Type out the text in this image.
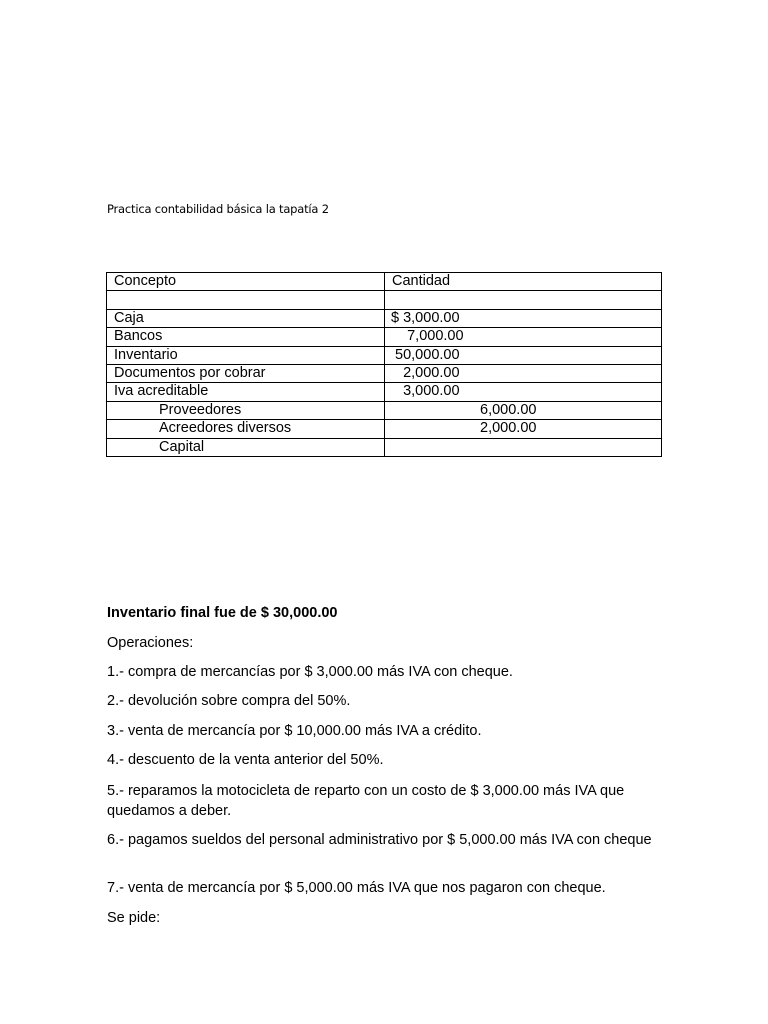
Practica contabilidad básica la tapatía 2
Concepto	Cantidad

Caja	$ 3,000.00
Bancos	7,000.00
Inventario	50,000.00
Documentos por cobrar	2,000.00
Iva acreditable	3,000.00
Proveedores	6,000.00
Acreedores diversos	2,000.00
Capital	
Inventario final fue de $ 30,000.00
Operaciones:
1.- compra de mercancías por $ 3,000.00 más IVA con cheque.
2.- devolución sobre compra del 50%.
3.- venta de mercancía por $ 10,000.00 más IVA a crédito.
4.- descuento de la venta anterior del 50%.
5.- reparamos la motocicleta de reparto con un costo de $ 3,000.00 más IVA que quedamos a deber.
6.- pagamos sueldos del personal administrativo por $ 5,000.00 más IVA con cheque
7.- venta de mercancía por $ 5,000.00 más IVA que nos pagaron con cheque.
Se pide:
